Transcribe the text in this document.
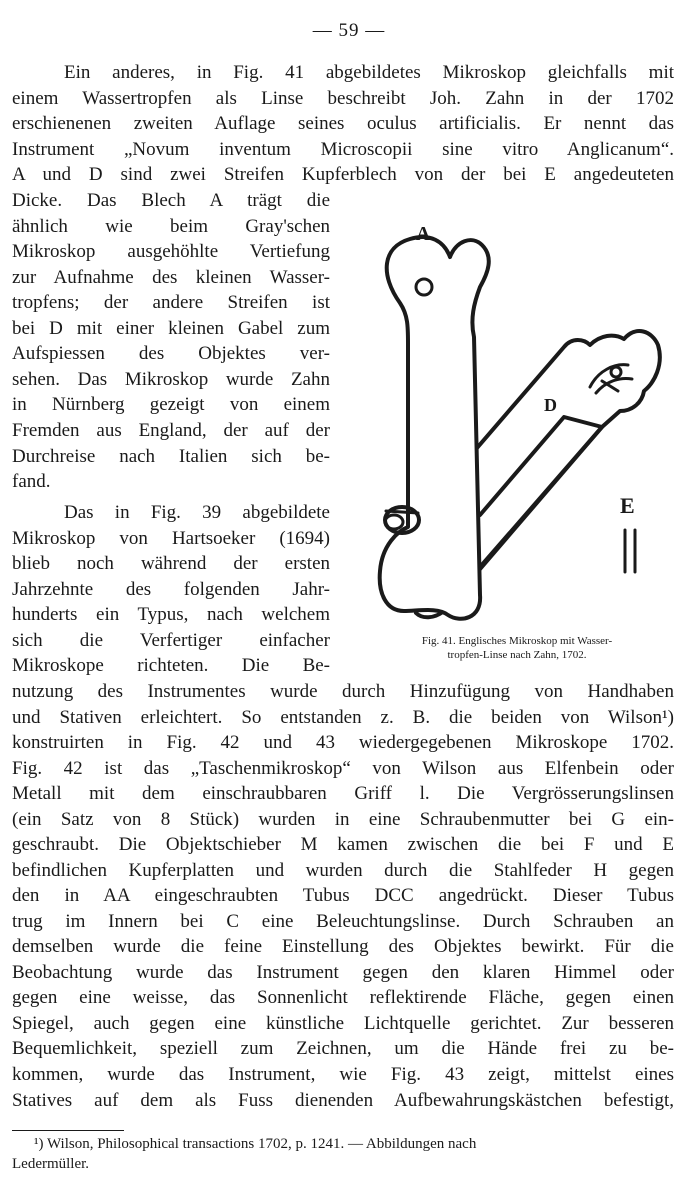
— 59 —

Ein anderes, in Fig. 41 abgebildetes Mikroskop gleichfalls mit

einem Wassertropfen als Linse beschreibt Joh. Zahn in der 1702

erschienenen zweiten Auflage seines oculus artificialis. Er nennt das

Instrument „Novum inventum Microscopii sine vitro Anglicanum“.

A und D sind zwei Streifen Kupferblech von der bei E angedeuteten

Dicke. Das Blech A trägt die

ähnlich wie beim Gray'schen

Mikroskop ausgehöhlte Vertiefung

zur Aufnahme des kleinen Wasser-

tropfens; der andere Streifen ist

bei D mit einer kleinen Gabel zum

Aufspiessen des Objektes ver-

sehen. Das Mikroskop wurde Zahn

in Nürnberg gezeigt von einem

Fremden aus England, der auf der

Durchreise nach Italien sich be-

fand.

Das in Fig. 39 abgebildete

Mikroskop von Hartsoeker (1694)

blieb noch während der ersten

Jahrzehnte des folgenden Jahr-

hunderts ein Typus, nach welchem

sich die Verfertiger einfacher

Mikroskope richteten. Die Be-

nutzung des Instrumentes wurde durch Hinzufügung von Handhaben

und Stativen erleichtert. So entstanden z. B. die beiden von Wilson¹)

konstruirten in Fig. 42 und 43 wiedergegebenen Mikroskope 1702.

Fig. 42 ist das „Taschenmikroskop“ von Wilson aus Elfenbein oder

Metall mit dem einschraubbaren Griff l. Die Vergrösserungslinsen

(ein Satz von 8 Stück) wurden in eine Schraubenmutter bei G ein-

geschraubt. Die Objektschieber M kamen zwischen die bei F und E

befindlichen Kupferplatten und wurden durch die Stahlfeder H gegen

den in AA eingeschraubten Tubus DCC angedrückt. Dieser Tubus

trug im Innern bei C eine Beleuchtungslinse. Durch Schrauben an

demselben wurde die feine Einstellung des Objektes bewirkt. Für die

Beobachtung wurde das Instrument gegen den klaren Himmel oder

gegen eine weisse, das Sonnenlicht reflektirende Fläche, gegen einen

Spiegel, auch gegen eine künstliche Lichtquelle gerichtet. Zur besseren

Bequemlichkeit, speziell zum Zeichnen, um die Hände frei zu be-

kommen, wurde das Instrument, wie Fig. 43 zeigt, mittelst eines

Statives auf dem als Fuss dienenden Aufbewahrungskästchen befestigt,

A
D
E
Fig. 41. Englisches Mikroskop mit Wasser-
tropfen-Linse nach Zahn, 1702.
¹) Wilson, Philosophical transactions 1702, p. 1241. — Abbildungen nach
Ledermüller.
